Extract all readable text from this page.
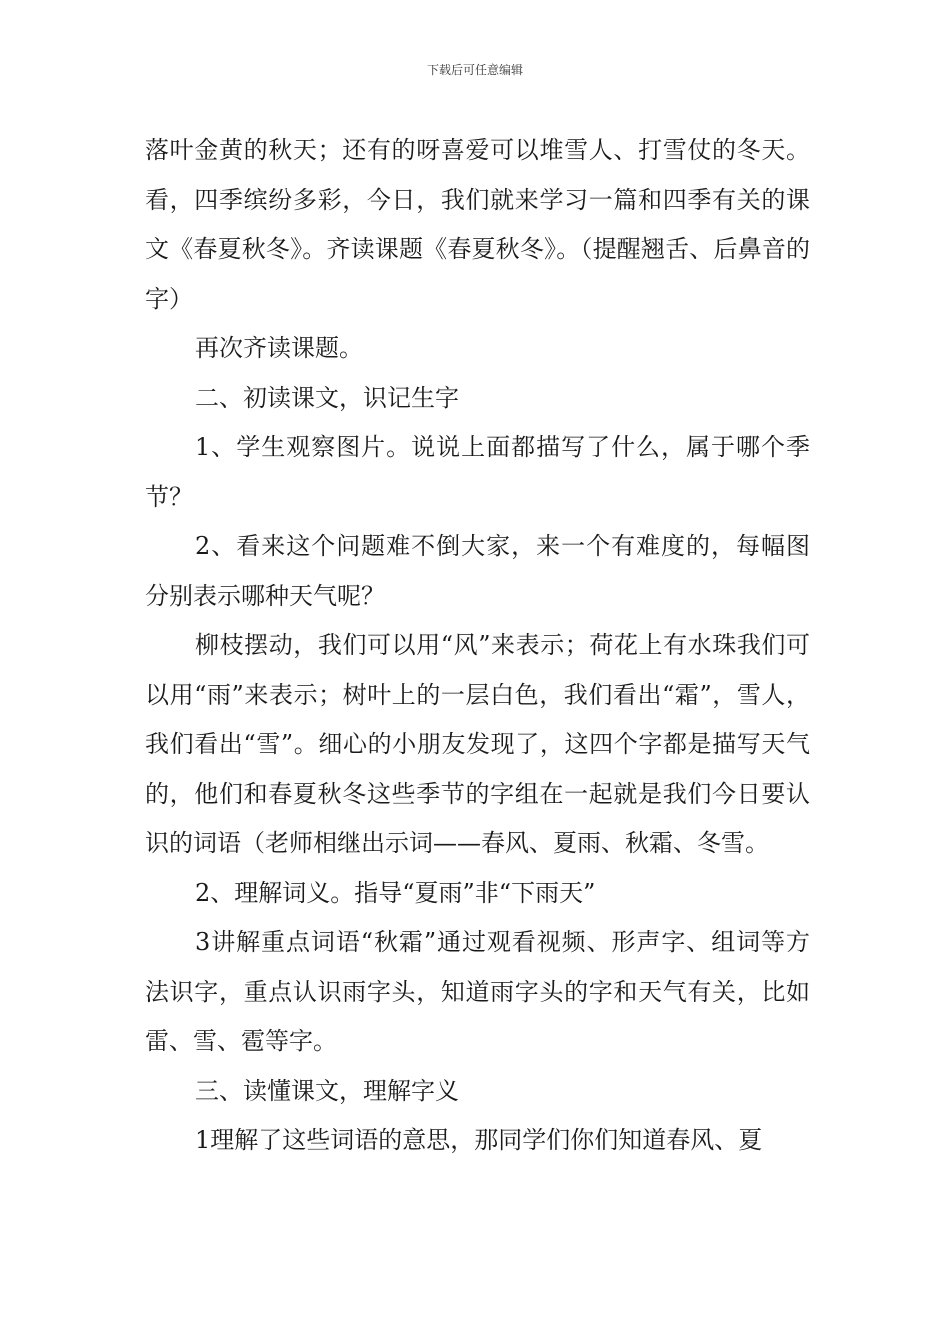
下载后可任意编辑

落叶金黄的秋天；还有的呀喜爱可以堆雪人、打雪仗的冬天。看，四季缤纷多彩，今日，我们就来学习一篇和四季有关的课文《春夏秋冬》。齐读课题《春夏秋冬》。（提醒翘舌、后鼻音的字）

再次齐读课题。

二、初读课文，识记生字

1、学生观察图片。说说上面都描写了什么，属于哪个季节？

2、看来这个问题难不倒大家，来一个有难度的，每幅图分别表示哪种天气呢？

柳枝摆动，我们可以用“风”来表示；荷花上有水珠我们可以用“雨”来表示；树叶上的一层白色，我们看出“霜”，雪人，我们看出“雪”。细心的小朋友发现了，这四个字都是描写天气的，他们和春夏秋冬这些季节的字组在一起就是我们今日要认识的词语（老师相继出示词——春风、夏雨、秋霜、冬雪。

2、理解词义。指导“夏雨”非“下雨天”

3讲解重点词语“秋霜”通过观看视频、形声字、组词等方法识字，重点认识雨字头，知道雨字头的字和天气有关，比如雷、雪、雹等字。

三、读懂课文，理解字义

1理解了这些词语的意思，那同学们你们知道春风、夏
